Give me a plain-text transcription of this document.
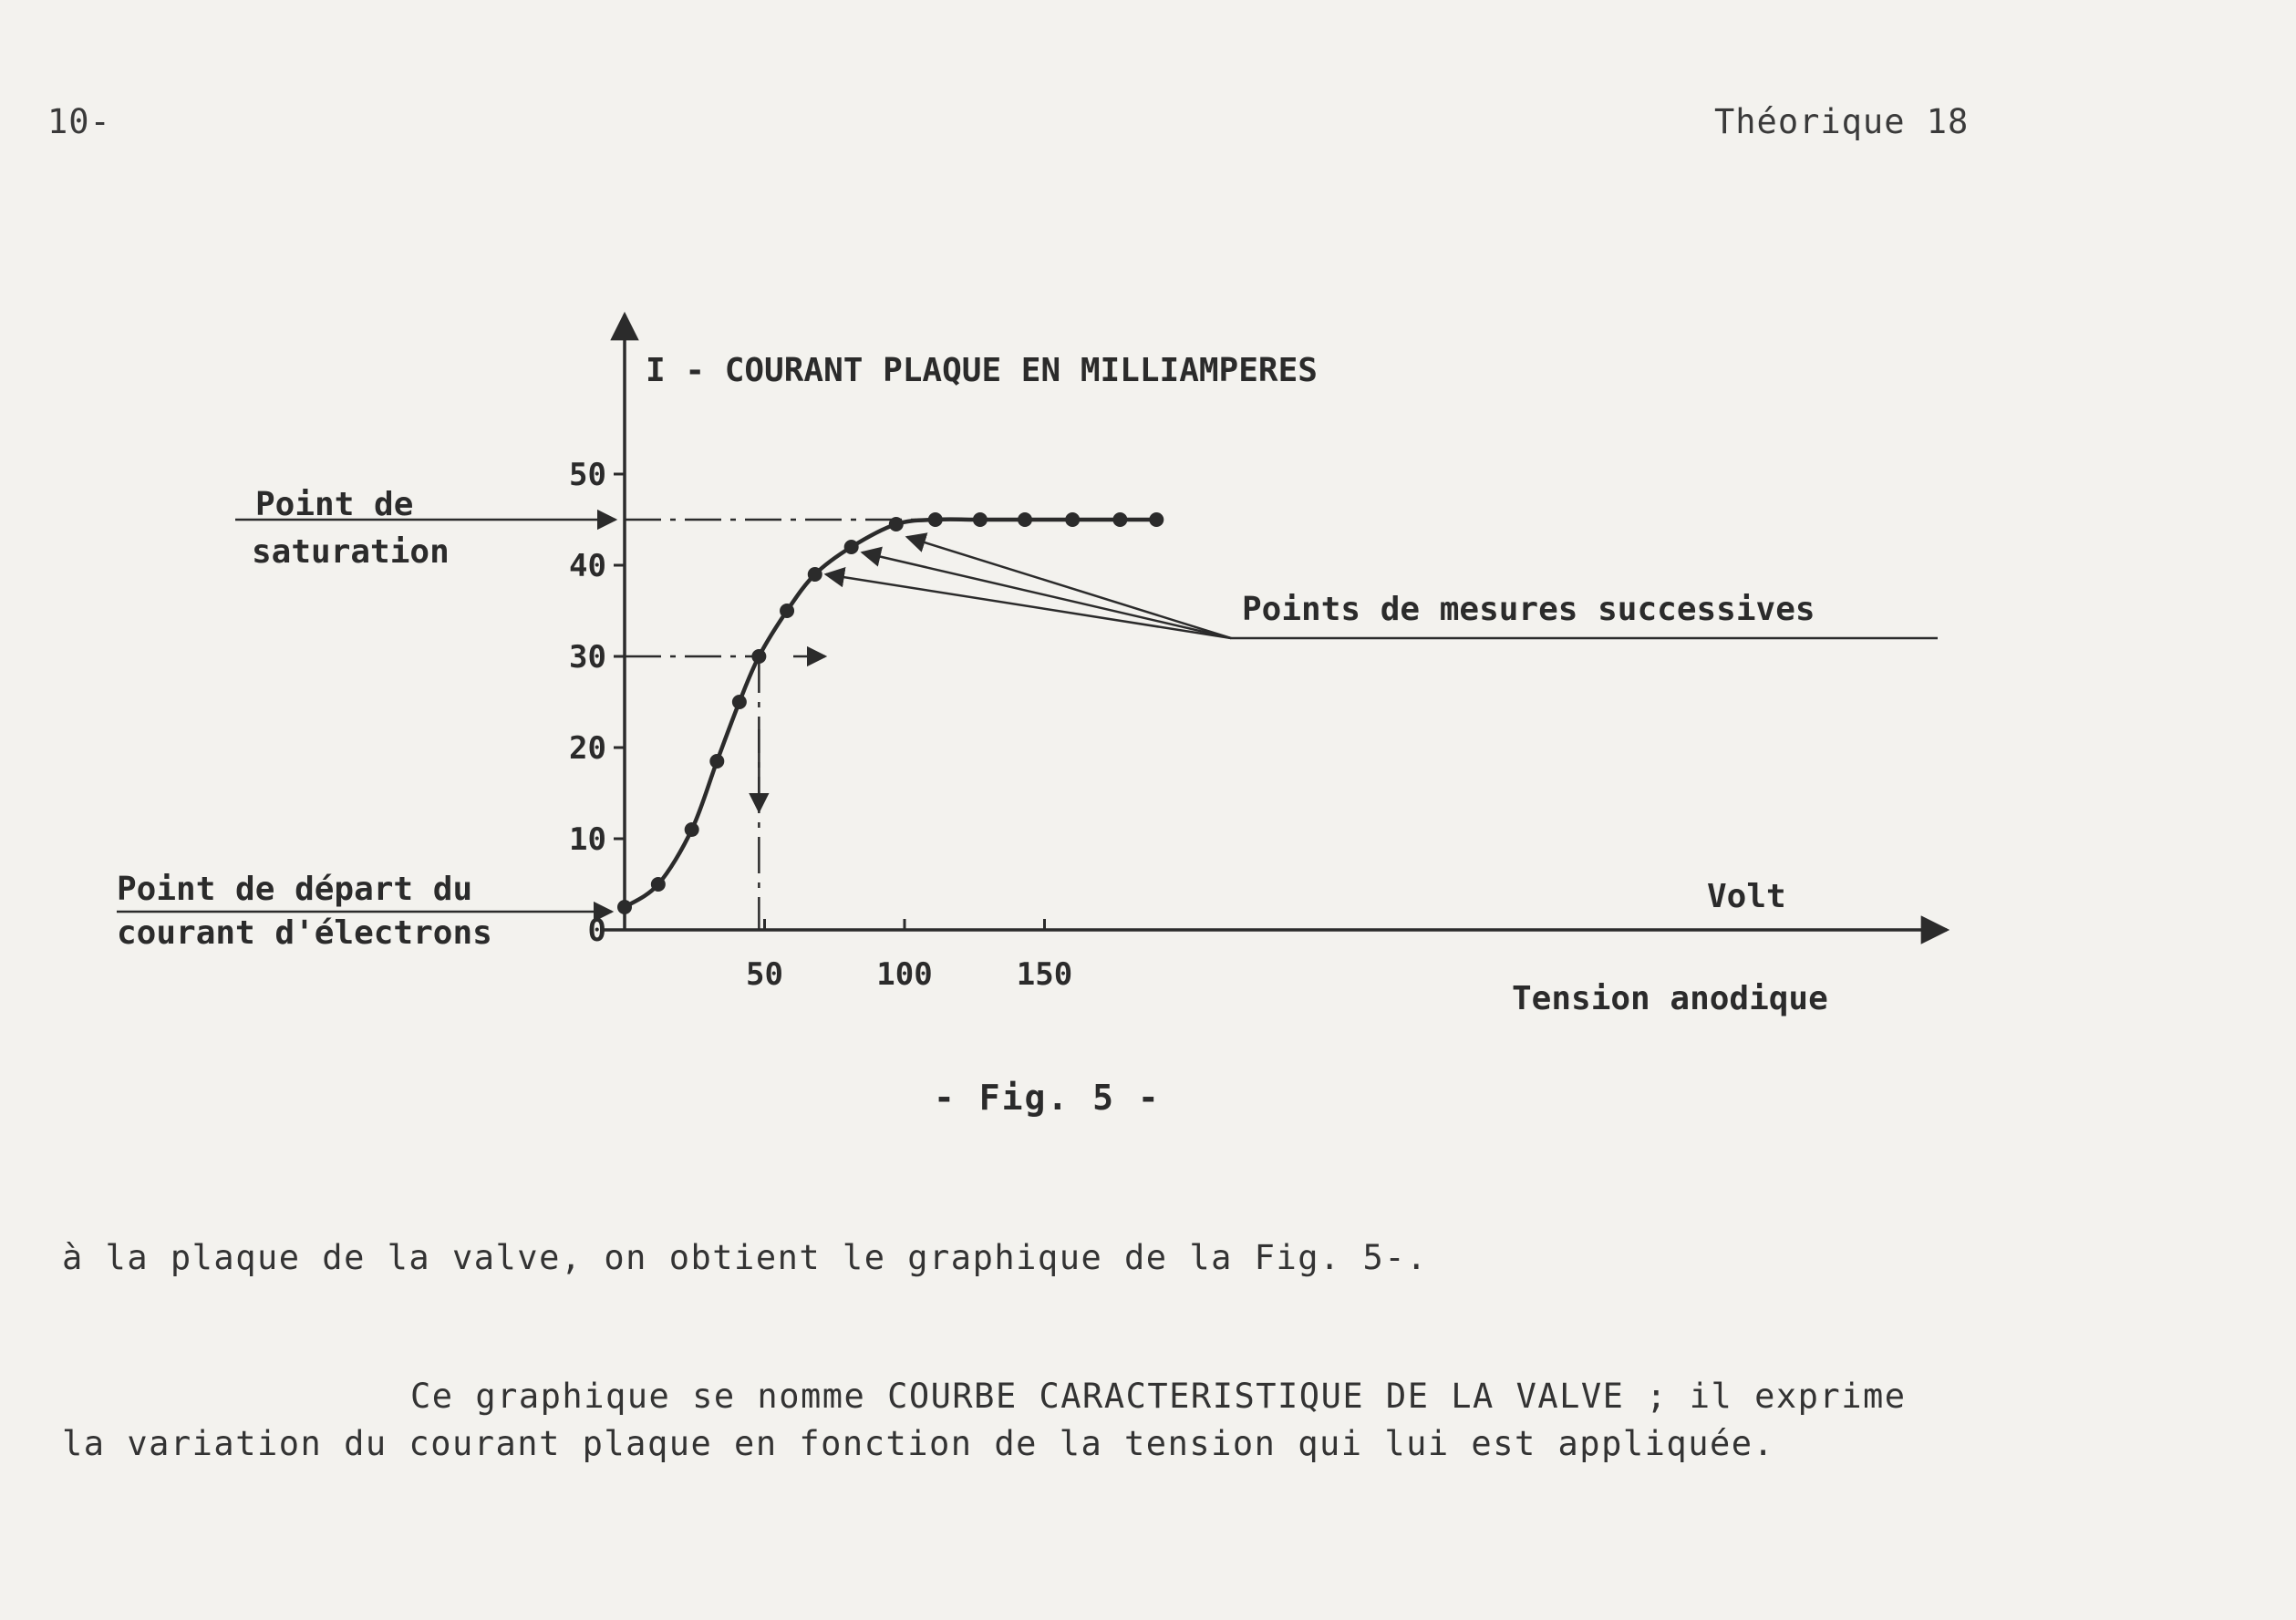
10-	Théorique 18
I - COURANT PLAQUE EN MILLIAMPERES
Volt
Tension anodique
0
10
20
30
40
50
50	100	150
Point de
saturation
Point de départ du
courant d'électrons
Points de mesures successives

- Fig. 5 -

à la plaque de la valve, on obtient le graphique de la Fig. 5-.

Ce graphique se nomme COURBE CARACTERISTIQUE DE LA VALVE ; il exprime

la variation du courant plaque en fonction de la tension qui lui est appliquée.
